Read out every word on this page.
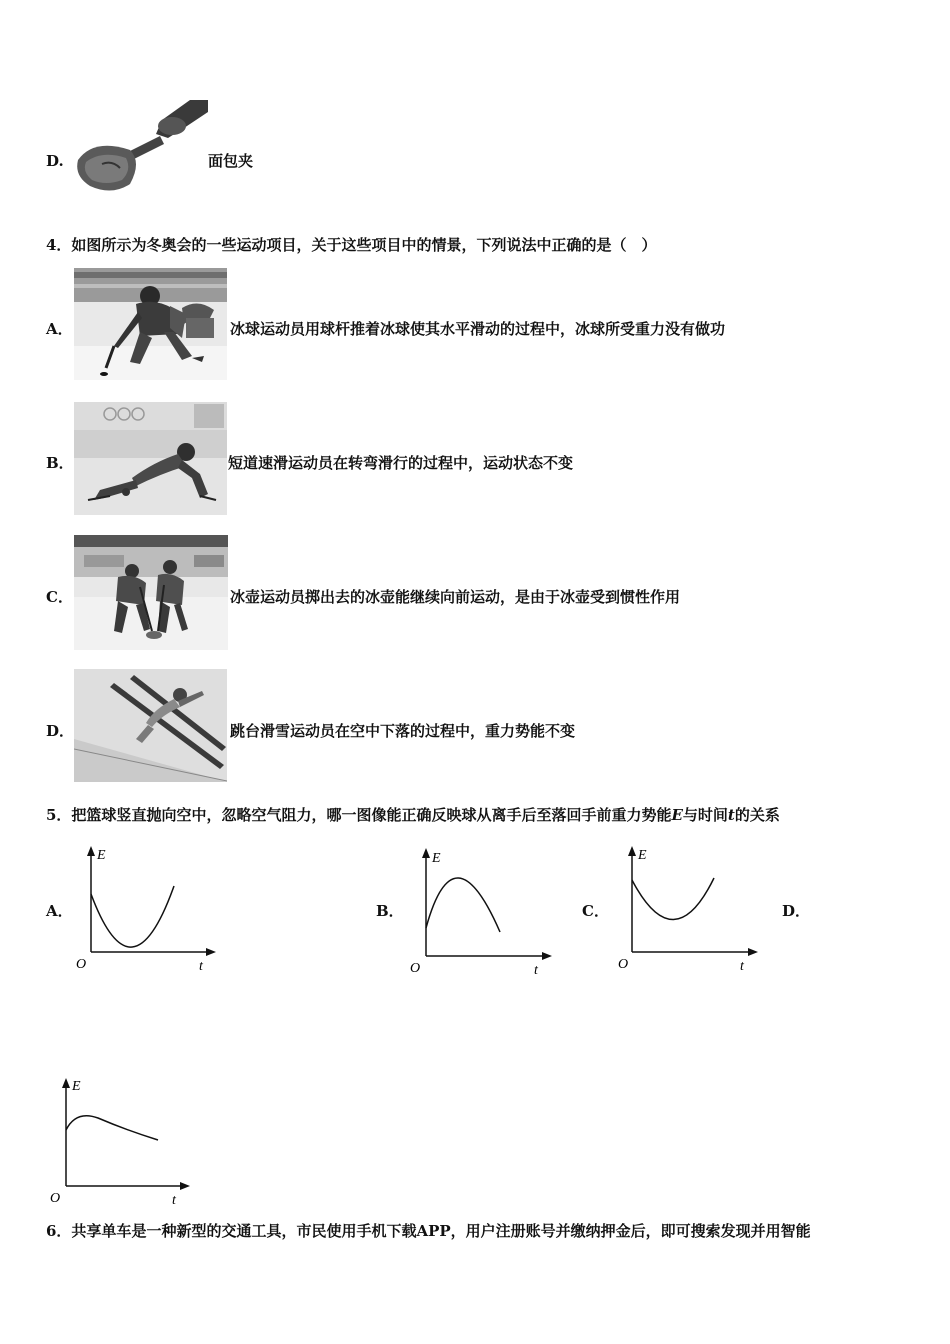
D.	面包夹
4．如图所示为冬奥会的一些运动项目，关于这些项目中的情景，下列说法中正确的是（　）
A．	冰球运动员用球杆推着冰球使其水平滑动的过程中，冰球所受重力没有做功
B．	短道速滑运动员在转弯滑行的过程中，运动状态不变
C．	冰壶运动员掷出去的冰壶能继续向前运动，是由于冰壶受到惯性作用
D．	跳台滑雪运动员在空中下落的过程中，重力势能不变
5．把篮球竖直抛向空中，忽略空气阻力，哪一图像能正确反映球从离手后至落回手前重力势能E与时间t的关系
A．
E
t
O
B．
E
t
O
C．
E
t
O
D．
E
t
O
6．共享单车是一种新型的交通工具，市民使用手机下载APP，用户注册账号并缴纳押金后，即可搜索发现并用智能
